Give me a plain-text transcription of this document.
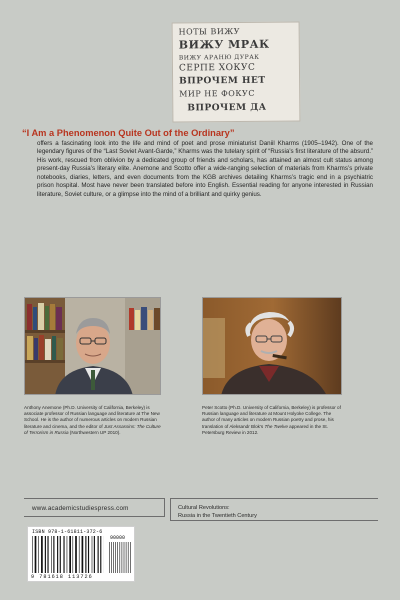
НОТЫ ВИЖУ
ВИЖУ МРАК
ВИЖУ АРАНЮ ДУРАК
СЕРПЕ ХОКУС
ВПРОЧЕМ НЕТ
МИР НЕ ФОКУС
ВПРОЧЕМ ДА
“I Am a Phenomenon Quite Out of the Ordinary”

offers a fascinating look into the life and mind of poet and prose miniaturist Daniil Kharms (1905–1942). One of the legendary figures of the “Last Soviet Avant-Garde,” Kharms was the tutelary spirit of “Russia’s first literature of the absurd.” His work, rescued from oblivion by a dedicated group of friends and scholars, has attained an almost cult status among present-day Russia’s literary elite. Anemone and Scotto offer a wide-ranging selection of materials from Kharms’s private notebooks, diaries, letters, and even documents from the KGB archives detailing Kharms’s tragic end in a psychiatric prison hospital. Most have never been translated before into English. Essential reading for anyone interested in Russian literature, Soviet culture, or a glimpse into the mind of a brilliant and quirky genius.

Anthony Anemone (Ph.D. University of California, Berkeley) is associate professor of Russian language and literature at The New School. He is the author of numerous articles on modern Russian literature and cinema, and the editor of Just Assassins: The Culture of Terrorism in Russia (Northwestern UP 2010).

Peter Scotto (Ph.D. University of California, Berkeley) is professor of Russian language and literature at Mount Holyoke College. The author of many articles on modern Russian poetry and prose, his translation of Aleksandr Blok’s The Twelve appeared in the St. Petersburg Review in 2012.

www.academicstudiespress.com	Cultural Revolutions:
Russia in the Twentieth Century
ISBN 978-1-61811-372-6
90000
9 781618 113726
